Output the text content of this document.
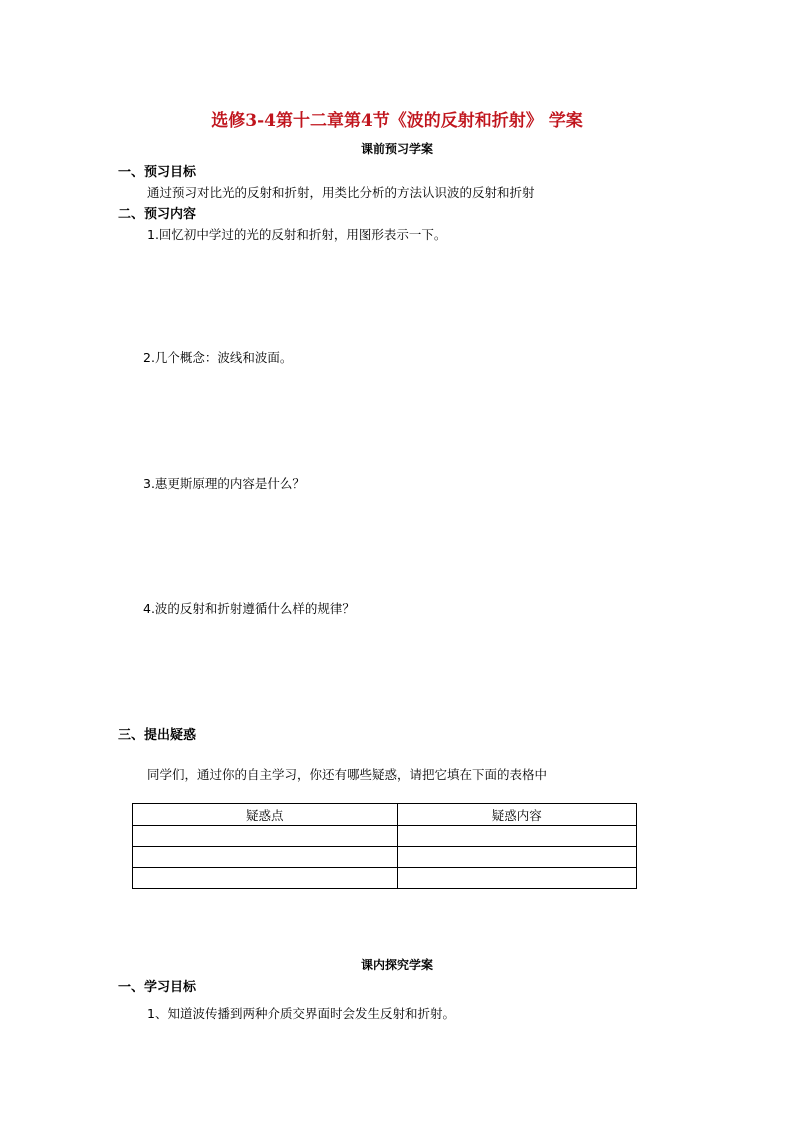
选修3-4第十二章第4节《波的反射和折射》 学案
课前预习学案
一、预习目标
通过预习对比光的反射和折射，用类比分析的方法认识波的反射和折射
二、预习内容
1.回忆初中学过的光的反射和折射，用图形表示一下。
2.几个概念：波线和波面。
3.惠更斯原理的内容是什么？
4.波的反射和折射遵循什么样的规律？
三、提出疑惑
同学们，通过你的自主学习，你还有哪些疑惑，请把它填在下面的表格中
疑惑点	疑惑内容

课内探究学案
一、学习目标
1、知道波传播到两种介质交界面时会发生反射和折射。
